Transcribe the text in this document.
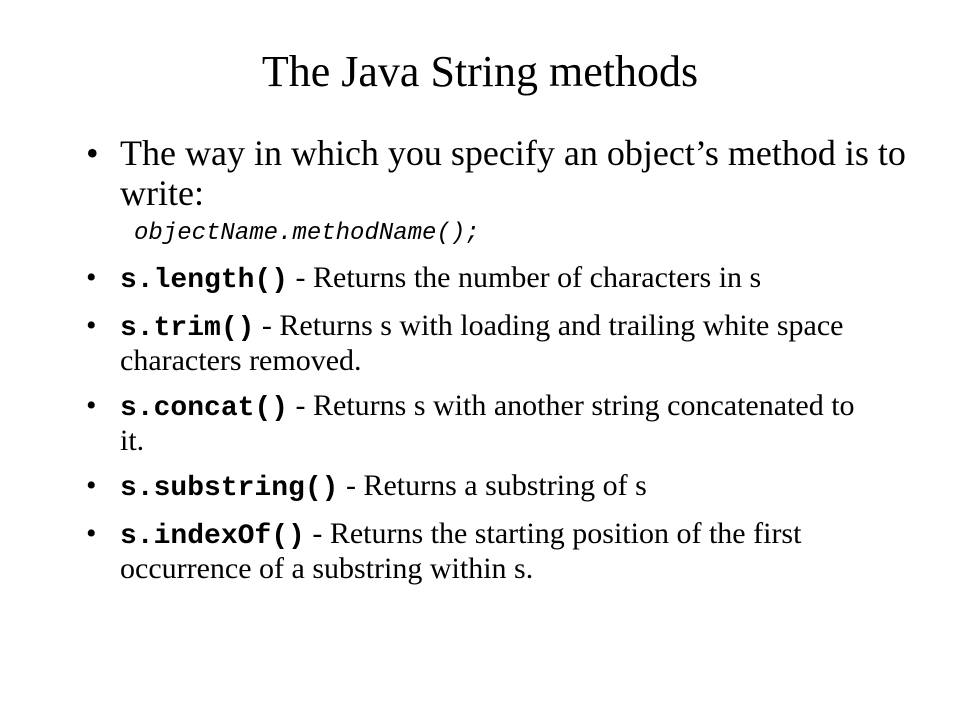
The Java String methods
• The way in which you specify an object’s method is to write:
objectName.methodName();
• s.length() - Returns the number of characters in s
• s.trim() - Returns s with loading and trailing white space characters removed.
• s.concat() - Returns s with another string concatenated to it.
• s.substring() - Returns a substring of s
• s.indexOf() - Returns the starting position of the first occurrence of a substring within s.
